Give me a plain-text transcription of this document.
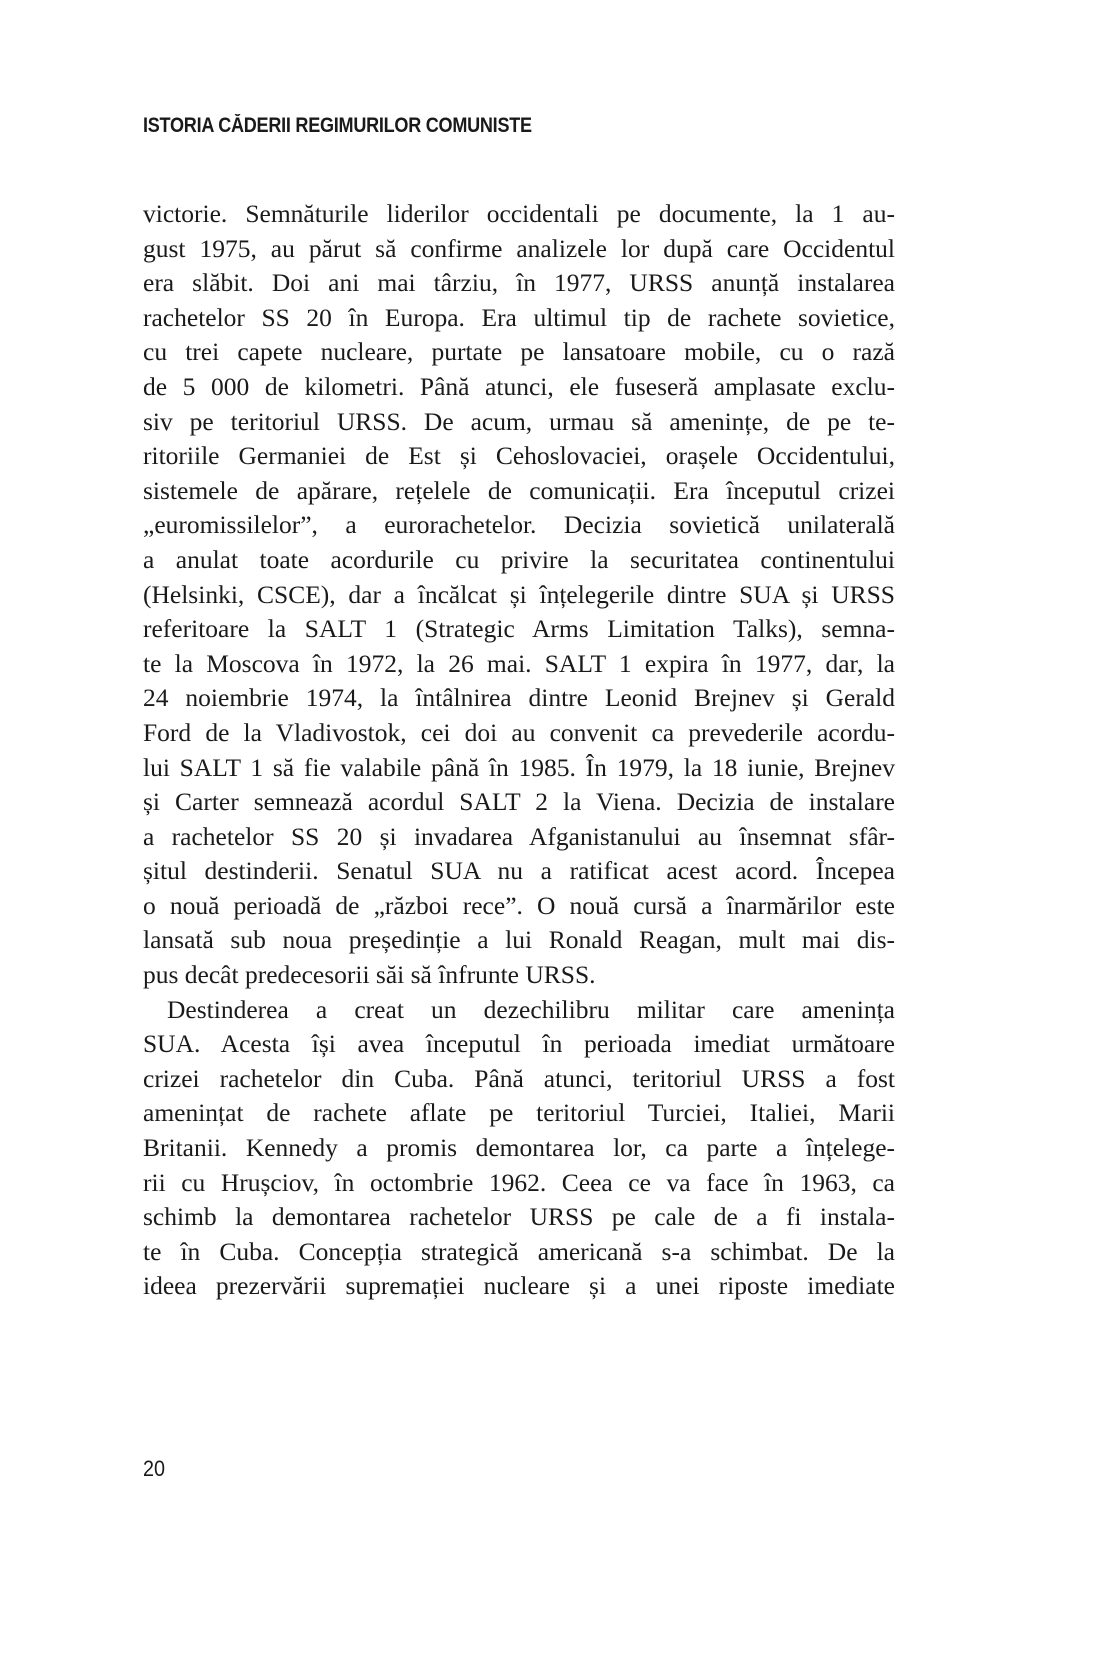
ISTORIA CĂDERII REGIMURILOR COMUNISTE

victorie. Semnăturile liderilor occidentali pe documente, la 1 au-
gust 1975, au părut să confirme analizele lor după care Occidentul
era slăbit. Doi ani mai târziu, în 1977, URSS anunță instalarea
rachetelor SS 20 în Europa. Era ultimul tip de rachete sovietice,
cu trei capete nucleare, purtate pe lansatoare mobile, cu o rază
de 5 000 de kilometri. Până atunci, ele fuseseră amplasate exclu-
siv pe teritoriul URSS. De acum, urmau să amenințe, de pe te-
ritoriile Germaniei de Est și Cehoslovaciei, orașele Occidentului,
sistemele de apărare, rețelele de comunicații. Era începutul crizei
„euromissilelor”, a eurorachetelor. Decizia sovietică unilaterală
a anulat toate acordurile cu privire la securitatea continentului
(Helsinki, CSCE), dar a încălcat și înțelegerile dintre SUA și URSS
referitoare la SALT 1 (Strategic Arms Limitation Talks), semna-
te la Moscova în 1972, la 26 mai. SALT 1 expira în 1977, dar, la
24 noiembrie 1974, la întâlnirea dintre Leonid Brejnev și Gerald
Ford de la Vladivostok, cei doi au convenit ca prevederile acordu-
lui SALT 1 să fie valabile până în 1985. În 1979, la 18 iunie, Brejnev
și Carter semnează acordul SALT 2 la Viena. Decizia de instalare
a rachetelor SS 20 și invadarea Afganistanului au însemnat sfâr-
șitul destinderii. Senatul SUA nu a ratificat acest acord. Începea
o nouă perioadă de „război rece”. O nouă cursă a înarmărilor este
lansată sub noua președinție a lui Ronald Reagan, mult mai dis-
pus decât predecesorii săi să înfrunte URSS.

Destinderea a creat un dezechilibru militar care amenința
SUA. Acesta își avea începutul în perioada imediat următoare
crizei rachetelor din Cuba. Până atunci, teritoriul URSS a fost
amenințat de rachete aflate pe teritoriul Turciei, Italiei, Marii
Britanii. Kennedy a promis demontarea lor, ca parte a înțelege-
rii cu Hrușciov, în octombrie 1962. Ceea ce va face în 1963, ca
schimb la demontarea rachetelor URSS pe cale de a fi instala-
te în Cuba. Concepția strategică americană s-a schimbat. De la
ideea prezervării supremației nucleare și a unei riposte imediate

20
